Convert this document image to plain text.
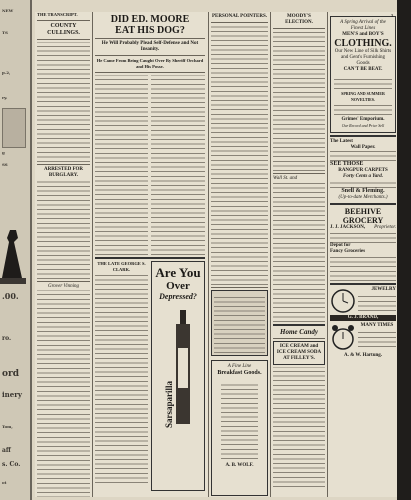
NEW
TS
p.2,
ry.
g
SS
.00.
ro.
ord
inery
Tom,
aff
s. Co.
ot
THE TRANSCRIPT.
COUNTY CULLINGS.
ARRESTED FOR BURGLARY.
Grover Vinning
DID ED. MOORE
EAT HIS DOG?
He Will Probably Plead Self-Defense and Not Insanity.
He Came From Being Caught Over By Sheriff Orchard and His Posse.
THE LATE GEORGE S. CLARK.	Are You
Over
Depressed?
Sarsaparilla
PERSONAL POINTERS.
A Fine Line
Breakfast Goods.
A. B. WOLF.
MOODY'S ELECTION.
Wall St. and
Home Candy
ICE CREAM and ICE CREAM SODA
AT FILLEY'S.
A Spring Arrival of the Finest Lines
MEN'S and BOY'S
CLOTHING.
Our New Line of Silk Shirts and Gent's Furnishing Goods
CAN'T BE BEAT.
SPRING AND SUMMER NOVELTIES.
Grimes' Emporium.
Our Record and Price Sell
The Latest
Wall Paper.
SEE THOSE
RANGPUR CARPETS
Forty Cents a Yard.
Snell & Fleming.
(Up-to-date Merchants.)
BEEHIVE
GROCERY
J. J. JACKSON, Proprietor.
Depot for
Fancy Groceries
JEWELRY
G. J. BRAND,
MANY TIMES
A. & W. Hartung.
3
